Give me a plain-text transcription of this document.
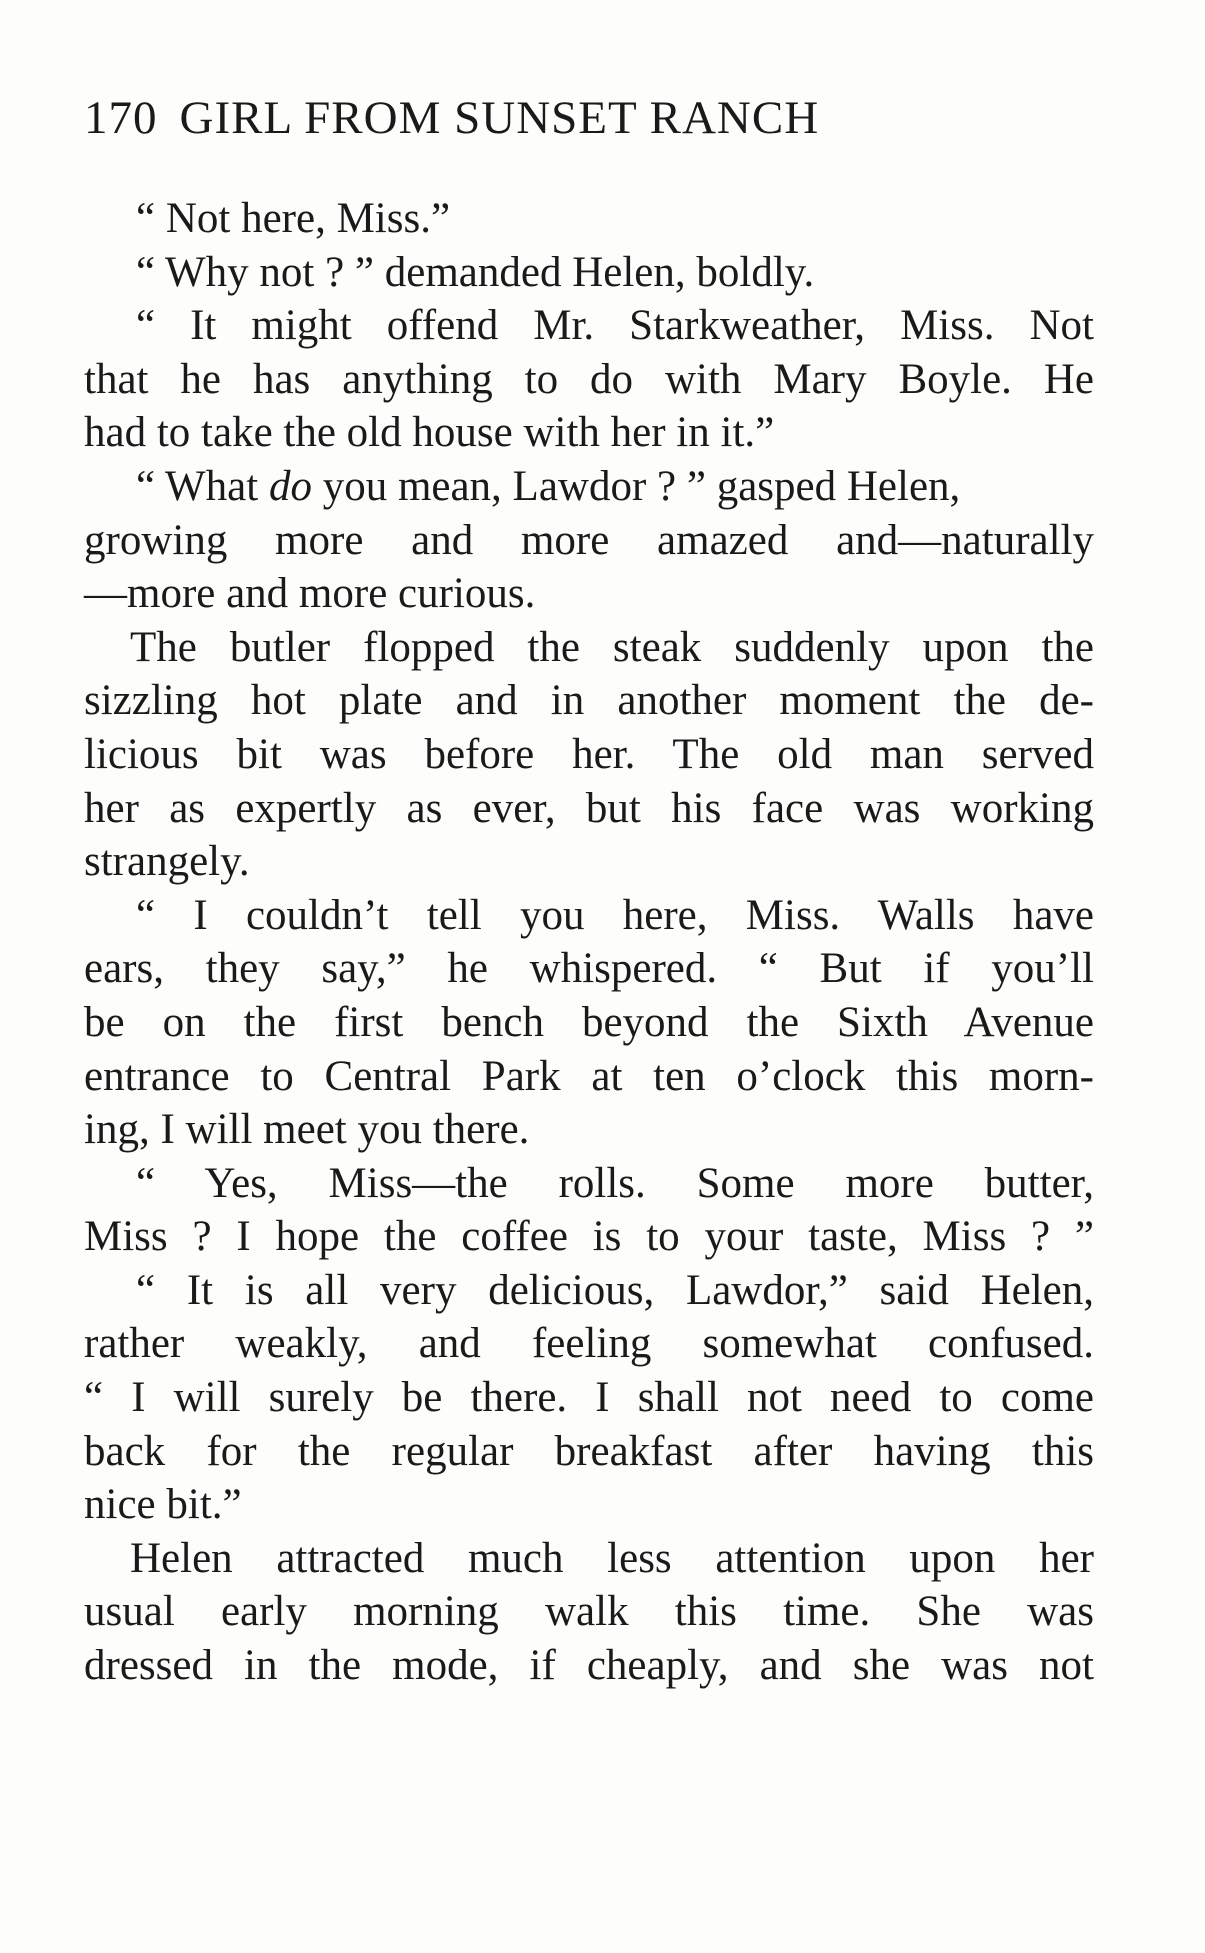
170 GIRL FROM SUNSET RANCH
“ Not here, Miss.”
“ Why not ? ” demanded Helen, boldly.
“ It might offend Mr. Starkweather, Miss. Not
that he has anything to do with Mary Boyle. He
had to take the old house with her in it.”
“ What do you mean, Lawdor ? ” gasped Helen,
growing more and more amazed and—naturally
—more and more curious.
The butler flopped the steak suddenly upon the
sizzling hot plate and in another moment the de-
licious bit was before her. The old man served
her as expertly as ever, but his face was working
strangely.
“ I couldn’t tell you here, Miss. Walls have
ears, they say,” he whispered. “ But if you’ll
be on the first bench beyond the Sixth Avenue
entrance to Central Park at ten o’clock this morn-
ing, I will meet you there.
“ Yes, Miss—the rolls. Some more butter,
Miss ? I hope the coffee is to your taste, Miss ? ”
“ It is all very delicious, Lawdor,” said Helen,
rather weakly, and feeling somewhat confused.
“ I will surely be there. I shall not need to come
back for the regular breakfast after having this
nice bit.”
Helen attracted much less attention upon her
usual early morning walk this time. She was
dressed in the mode, if cheaply, and she was not
